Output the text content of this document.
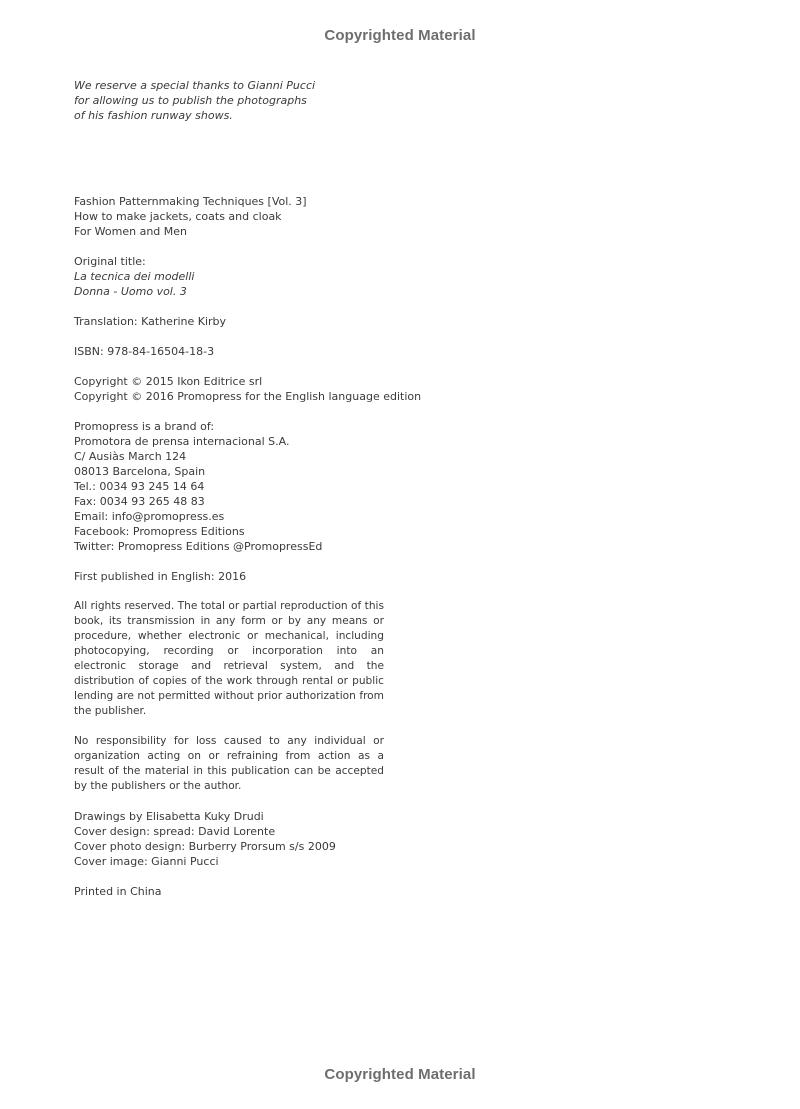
Copyrighted Material
We reserve a special thanks to Gianni Pucci
for allowing us to publish the photographs
of his fashion runway shows.
Fashion Patternmaking Techniques [Vol. 3]
How to make jackets, coats and cloak
For Women and Men
Original title:
La tecnica dei modelli
Donna - Uomo vol. 3
Translation: Katherine Kirby
ISBN: 978-84-16504-18-3
Copyright © 2015 Ikon Editrice srl
Copyright © 2016 Promopress for the English language edition
Promopress is a brand of:
Promotora de prensa internacional S.A.
C/ Ausiàs March 124
08013 Barcelona, Spain
Tel.: 0034 93 245 14 64
Fax: 0034 93 265 48 83
Email: info@promopress.es
Facebook: Promopress Editions
Twitter: Promopress Editions @PromopressEd
First published in English: 2016
All rights reserved. The total or partial reproduction of this book, its transmission in any form or by any means or procedure, whether electronic or mechanical, including photocopying, recording or incorporation into an electronic storage and retrieval system, and the distribution of copies of the work through rental or public lending are not permitted without prior authorization from the publisher.
No responsibility for loss caused to any individual or organization acting on or refraining from action as a result of the material in this publication can be accepted by the publishers or the author.
Drawings by Elisabetta Kuky Drudi
Cover design: spread: David Lorente
Cover photo design: Burberry Prorsum s/s 2009
Cover image: Gianni Pucci
Printed in China
Copyrighted Material
